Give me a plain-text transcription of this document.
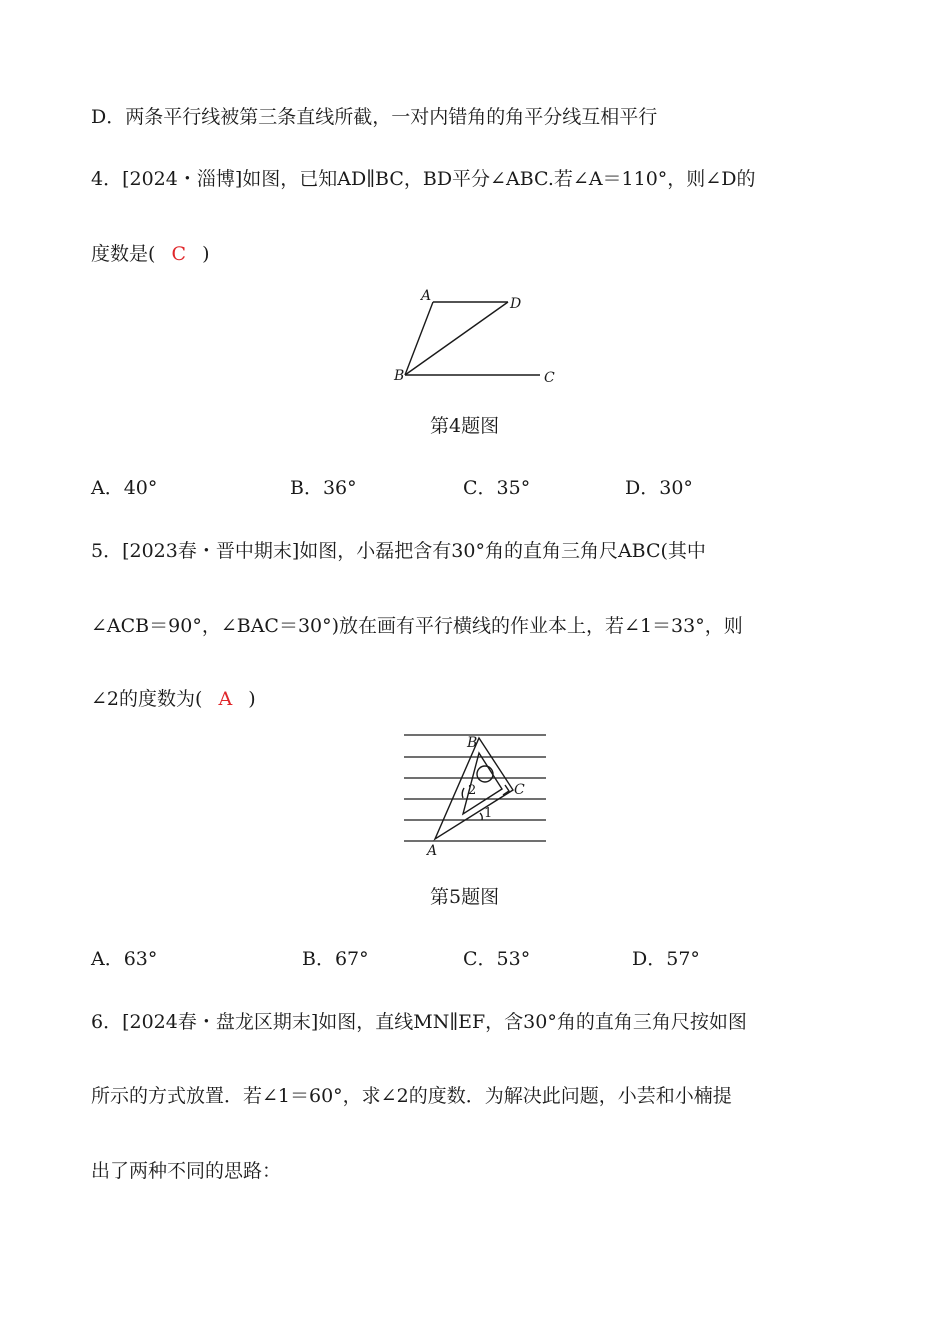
D．两条平行线被第三条直线所截，一对内错角的角平分线互相平行
4．[2024・淄博]如图，已知AD∥BC，BD平分∠ABC.若∠A＝110°，则∠D的
度数是( C )
A	D
B	C
第4题图
A．40°	B．36°	C．35°	D．30°
5．[2023春・晋中期末]如图，小磊把含有30°角的直角三角尺ABC(其中
∠ACB＝90°，∠BAC＝30°)放在画有平行横线的作业本上，若∠1＝33°，则
∠2的度数为( A )
B
C
A
2
1
第5题图
A．63°	B．67°	C．53°	D．57°
6．[2024春・盘龙区期末]如图，直线MN∥EF，含30°角的直角三角尺按如图
所示的方式放置．若∠1＝60°，求∠2的度数．为解决此问题，小芸和小楠提
出了两种不同的思路：
